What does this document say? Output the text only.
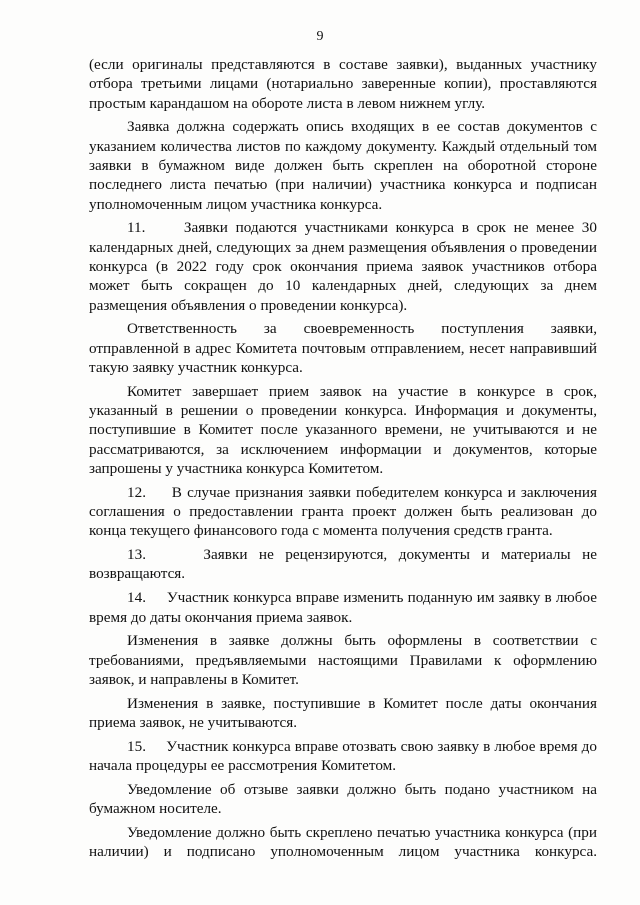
9

(если оригиналы представляются в составе заявки), выданных участнику отбора третьими лицами (нотариально заверенные копии), проставляются простым карандашом на обороте листа в левом нижнем углу.

Заявка должна содержать опись входящих в ее состав документов с указанием количества листов по каждому документу. Каждый отдельный том заявки в бумажном виде должен быть скреплен на оборотной стороне последнего листа печатью (при наличии) участника конкурса и подписан уполномоченным лицом участника конкурса.

11.     Заявки подаются участниками конкурса в срок не менее 30 календарных дней, следующих за днем размещения объявления о проведении конкурса (в 2022 году срок окончания приема заявок участников отбора может быть сокращен до 10 календарных дней, следующих за днем размещения объявления о проведении конкурса).

Ответственность за своевременность поступления заявки, отправленной в адрес Комитета почтовым отправлением, несет направивший такую заявку участник конкурса.

Комитет завершает прием заявок на участие в конкурсе в срок, указанный в решении о проведении конкурса. Информация и документы, поступившие в Комитет после указанного времени, не учитываются и не рассматриваются, за исключением информации и документов, которые запрошены у участника конкурса Комитетом.

12.     В случае признания заявки победителем конкурса и заключения соглашения о предоставлении гранта проект должен быть реализован до конца текущего финансового года с момента получения средств гранта.

13.     Заявки не рецензируются, документы и материалы не возвращаются.

14.     Участник конкурса вправе изменить поданную им заявку в любое время до даты окончания приема заявок.

Изменения в заявке должны быть оформлены в соответствии с требованиями, предъявляемыми настоящими Правилами к оформлению заявок, и направлены в Комитет.

Изменения в заявке, поступившие в Комитет после даты окончания приема заявок, не учитываются.

15.     Участник конкурса вправе отозвать свою заявку в любое время до начала процедуры ее рассмотрения Комитетом.

Уведомление об отзыве заявки должно быть подано участником на бумажном носителе.

Уведомление должно быть скреплено печатью участника конкурса (при наличии) и подписано уполномоченным лицом участника конкурса.
